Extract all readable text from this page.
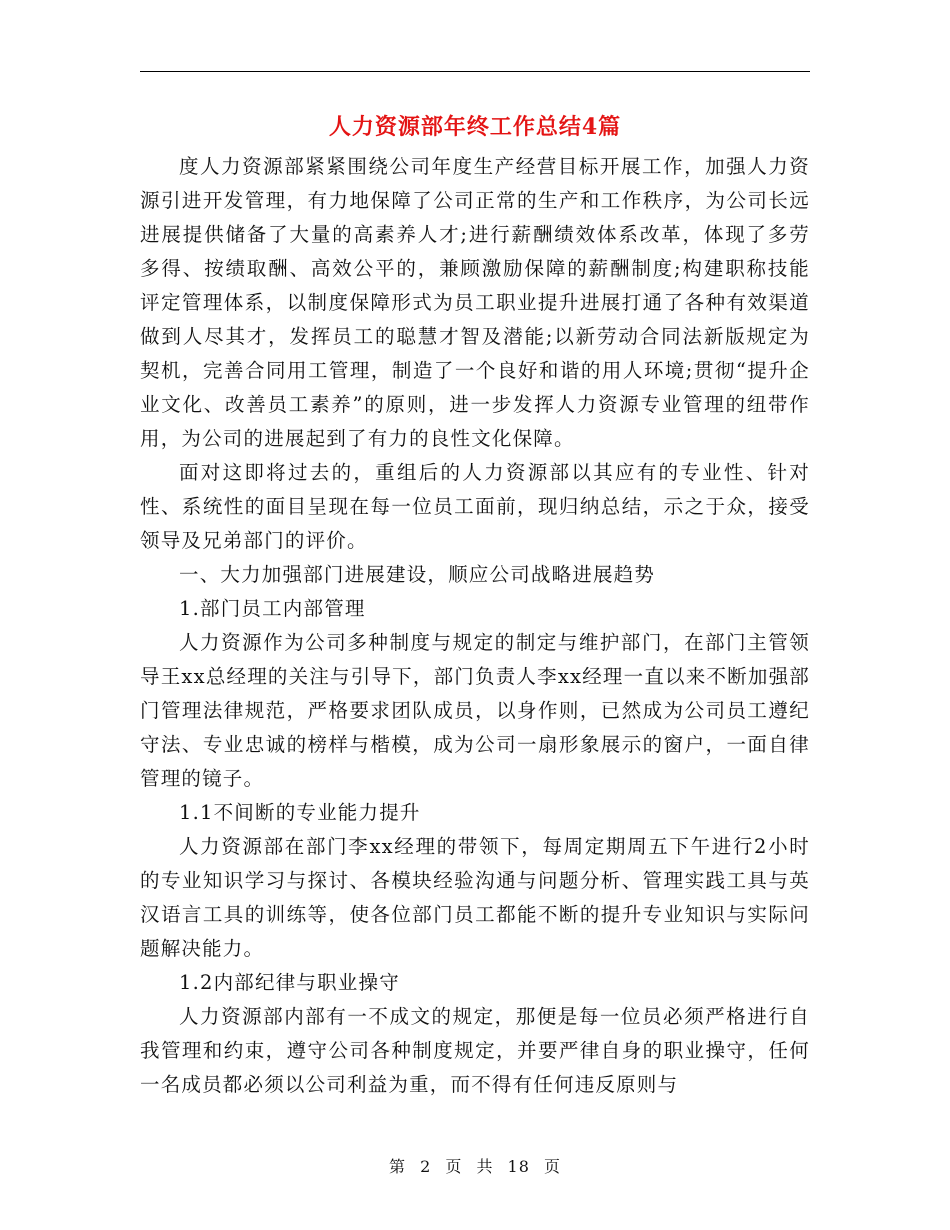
人力资源部年终工作总结4篇

度人力资源部紧紧围绕公司年度生产经营目标开展工作，加强人力资源引进开发管理，有力地保障了公司正常的生产和工作秩序，为公司长远进展提供储备了大量的高素养人才;进行薪酬绩效体系改革，体现了多劳多得、按绩取酬、高效公平的，兼顾激励保障的薪酬制度;构建职称技能评定管理体系，以制度保障形式为员工职业提升进展打通了各种有效渠道做到人尽其才，发挥员工的聪慧才智及潜能;以新劳动合同法新版规定为契机，完善合同用工管理，制造了一个良好和谐的用人环境;贯彻“提升企业文化、改善员工素养”的原则，进一步发挥人力资源专业管理的纽带作用，为公司的进展起到了有力的良性文化保障。

面对这即将过去的，重组后的人力资源部以其应有的专业性、针对性、系统性的面目呈现在每一位员工面前，现归纳总结，示之于众，接受领导及兄弟部门的评价。

一、大力加强部门进展建设，顺应公司战略进展趋势

1.部门员工内部管理

人力资源作为公司多种制度与规定的制定与维护部门，在部门主管领导王xx总经理的关注与引导下，部门负责人李xx经理一直以来不断加强部门管理法律规范，严格要求团队成员，以身作则，已然成为公司员工遵纪守法、专业忠诚的榜样与楷模，成为公司一扇形象展示的窗户，一面自律管理的镜子。

1.1不间断的专业能力提升

人力资源部在部门李xx经理的带领下，每周定期周五下午进行2小时的专业知识学习与探讨、各模块经验沟通与问题分析、管理实践工具与英汉语言工具的训练等，使各位部门员工都能不断的提升专业知识与实际问题解决能力。

1.2内部纪律与职业操守

人力资源部内部有一不成文的规定，那便是每一位员必须严格进行自我管理和约束，遵守公司各种制度规定，并要严律自身的职业操守，任何一名成员都必须以公司利益为重，而不得有任何违反原则与

第 2 页 共 18 页
